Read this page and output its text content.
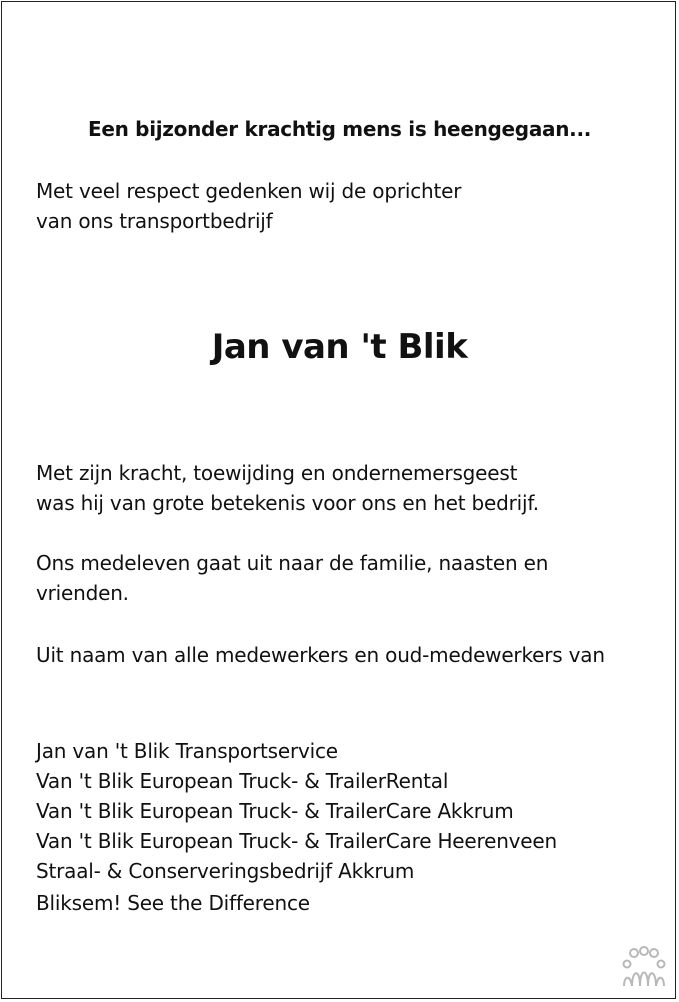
Een bijzonder krachtig mens is heengegaan...
Met veel respect gedenken wij de oprichter
van ons transportbedrijf
Jan van 't Blik
Met zijn kracht, toewijding en ondernemersgeest
was hij van grote betekenis voor ons en het bedrijf.
Ons medeleven gaat uit naar de familie, naasten en
vrienden.
Uit naam van alle medewerkers en oud-medewerkers van
Jan van 't Blik Transportservice
Van 't Blik European Truck- & TrailerRental
Van 't Blik European Truck- & TrailerCare Akkrum
Van 't Blik European Truck- & TrailerCare Heerenveen
Straal- & Conserveringsbedrijf Akkrum
Bliksem! See the Difference
